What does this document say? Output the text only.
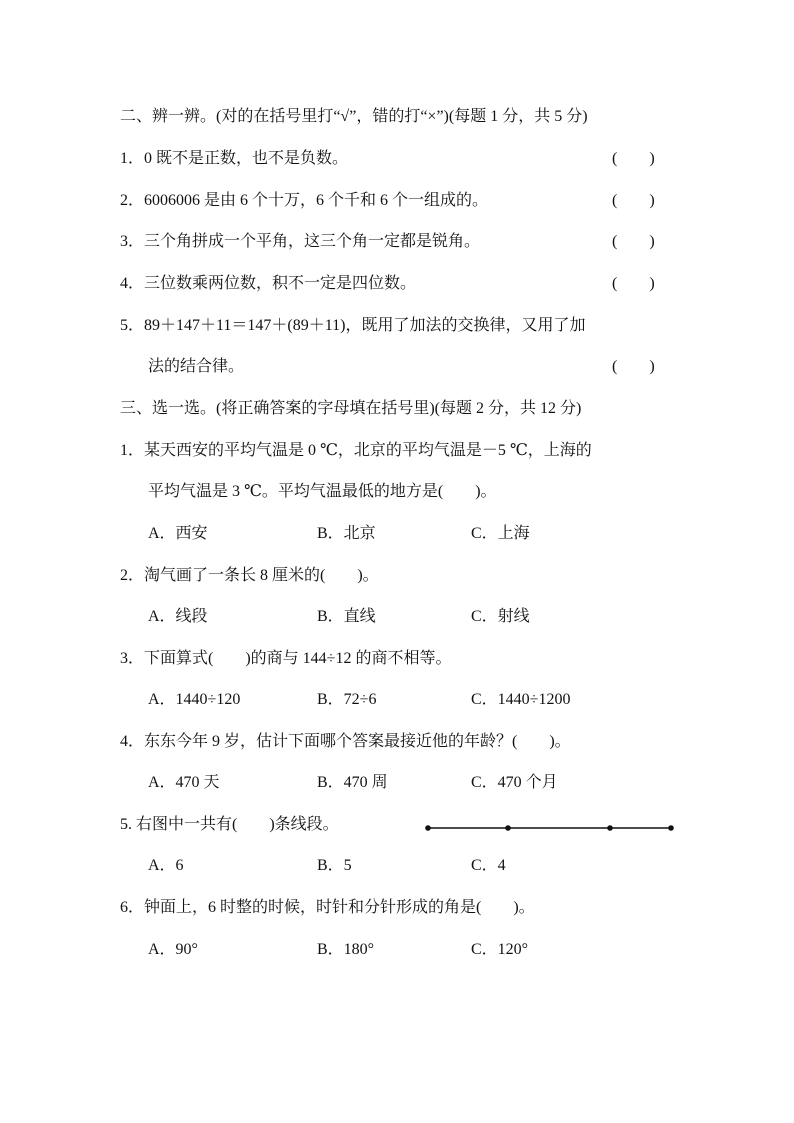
二、辨一辨。(对的在括号里打“√”，错的打“×”)(每题 1 分，共 5 分)
1．0 既不是正数，也不是负数。	(　　)
2．6006006 是由 6 个十万，6 个千和 6 个一组成的。	(　　)
3．三个角拼成一个平角，这三个角一定都是锐角。	(　　)
4．三位数乘两位数，积不一定是四位数。	(　　)
5．89＋147＋11＝147＋(89＋11)，既用了加法的交换律，又用了加
法的结合律。	(　　)
三、选一选。(将正确答案的字母填在括号里)(每题 2 分，共 12 分)
1．某天西安的平均气温是 0 ℃，北京的平均气温是－5 ℃，上海的
平均气温是 3 ℃。平均气温最低的地方是(　　)。
A．西安	B．北京	C．上海
2．淘气画了一条长 8 厘米的(　　)。
A．线段	B．直线	C．射线
3．下面算式(　　)的商与 144÷12 的商不相等。
A．1440÷120	B．72÷6	C．1440÷1200
4．东东今年 9 岁，估计下面哪个答案最接近他的年龄？(　　)。
A．470 天	B．470 周	C．470 个月
5. 右图中一共有(　　)条线段。
A．6	B．5	C．4
6．钟面上，6 时整的时候，时针和分针形成的角是(　　)。
A．90°	B．180°	C．120°
